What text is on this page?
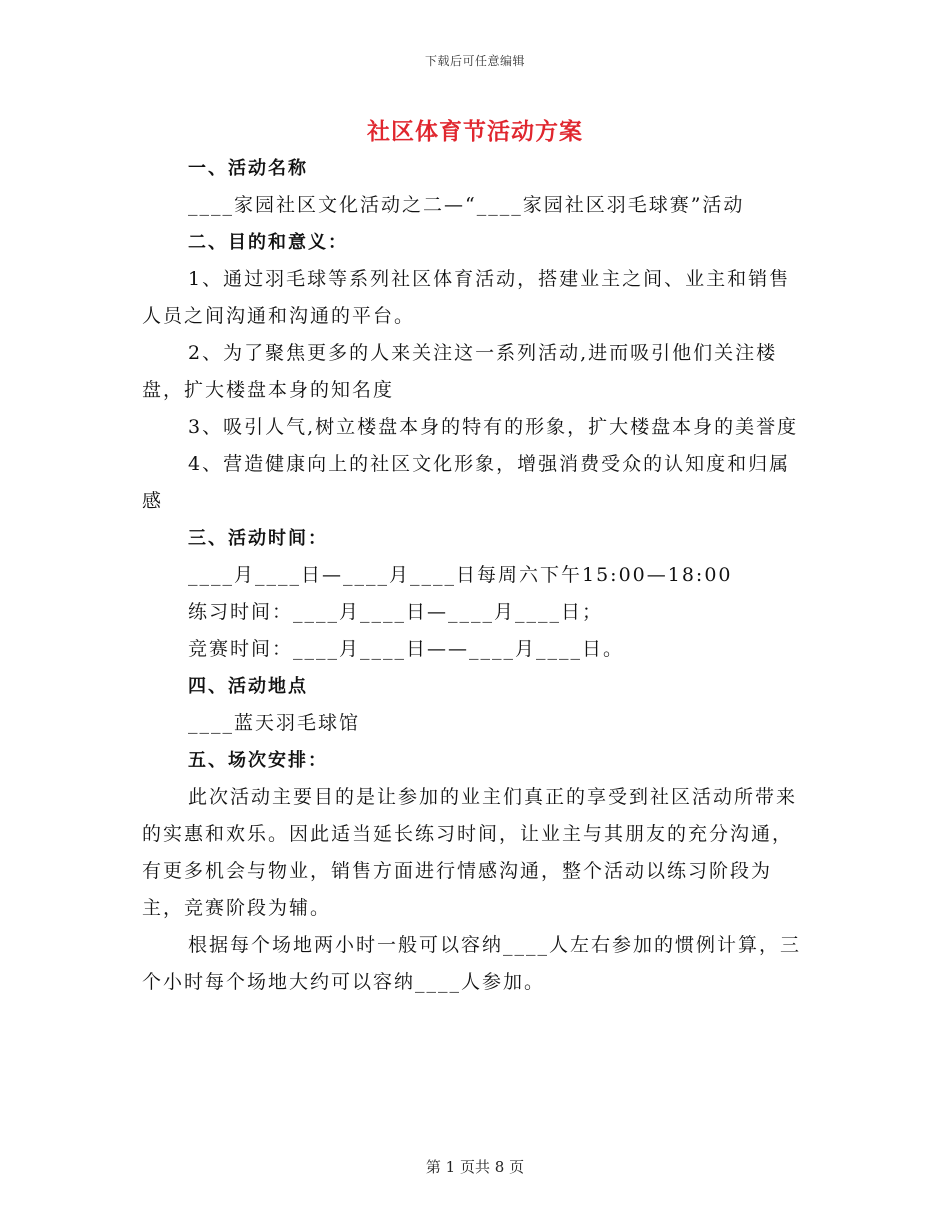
下载后可任意编辑
社区体育节活动方案

一、活动名称

____家园社区文化活动之二—“____家园社区羽毛球赛”活动

二、目的和意义：

1、通过羽毛球等系列社区体育活动，搭建业主之间、业主和销售人员之间沟通和沟通的平台。

2、为了聚焦更多的人来关注这一系列活动,进而吸引他们关注楼盘，扩大楼盘本身的知名度

3、吸引人气,树立楼盘本身的特有的形象，扩大楼盘本身的美誉度

4、营造健康向上的社区文化形象，增强消费受众的认知度和归属感

三、活动时间：

____月____日—____月____日每周六下午15:00—18:00

练习时间：____月____日—____月____日；

竞赛时间：____月____日——____月____日。

四、活动地点

____蓝天羽毛球馆

五、场次安排：

此次活动主要目的是让参加的业主们真正的享受到社区活动所带来的实惠和欢乐。因此适当延长练习时间，让业主与其朋友的充分沟通，有更多机会与物业，销售方面进行情感沟通，整个活动以练习阶段为主，竞赛阶段为辅。

根据每个场地两小时一般可以容纳____人左右参加的惯例计算，三个小时每个场地大约可以容纳____人参加。

第 1 页共 8 页
